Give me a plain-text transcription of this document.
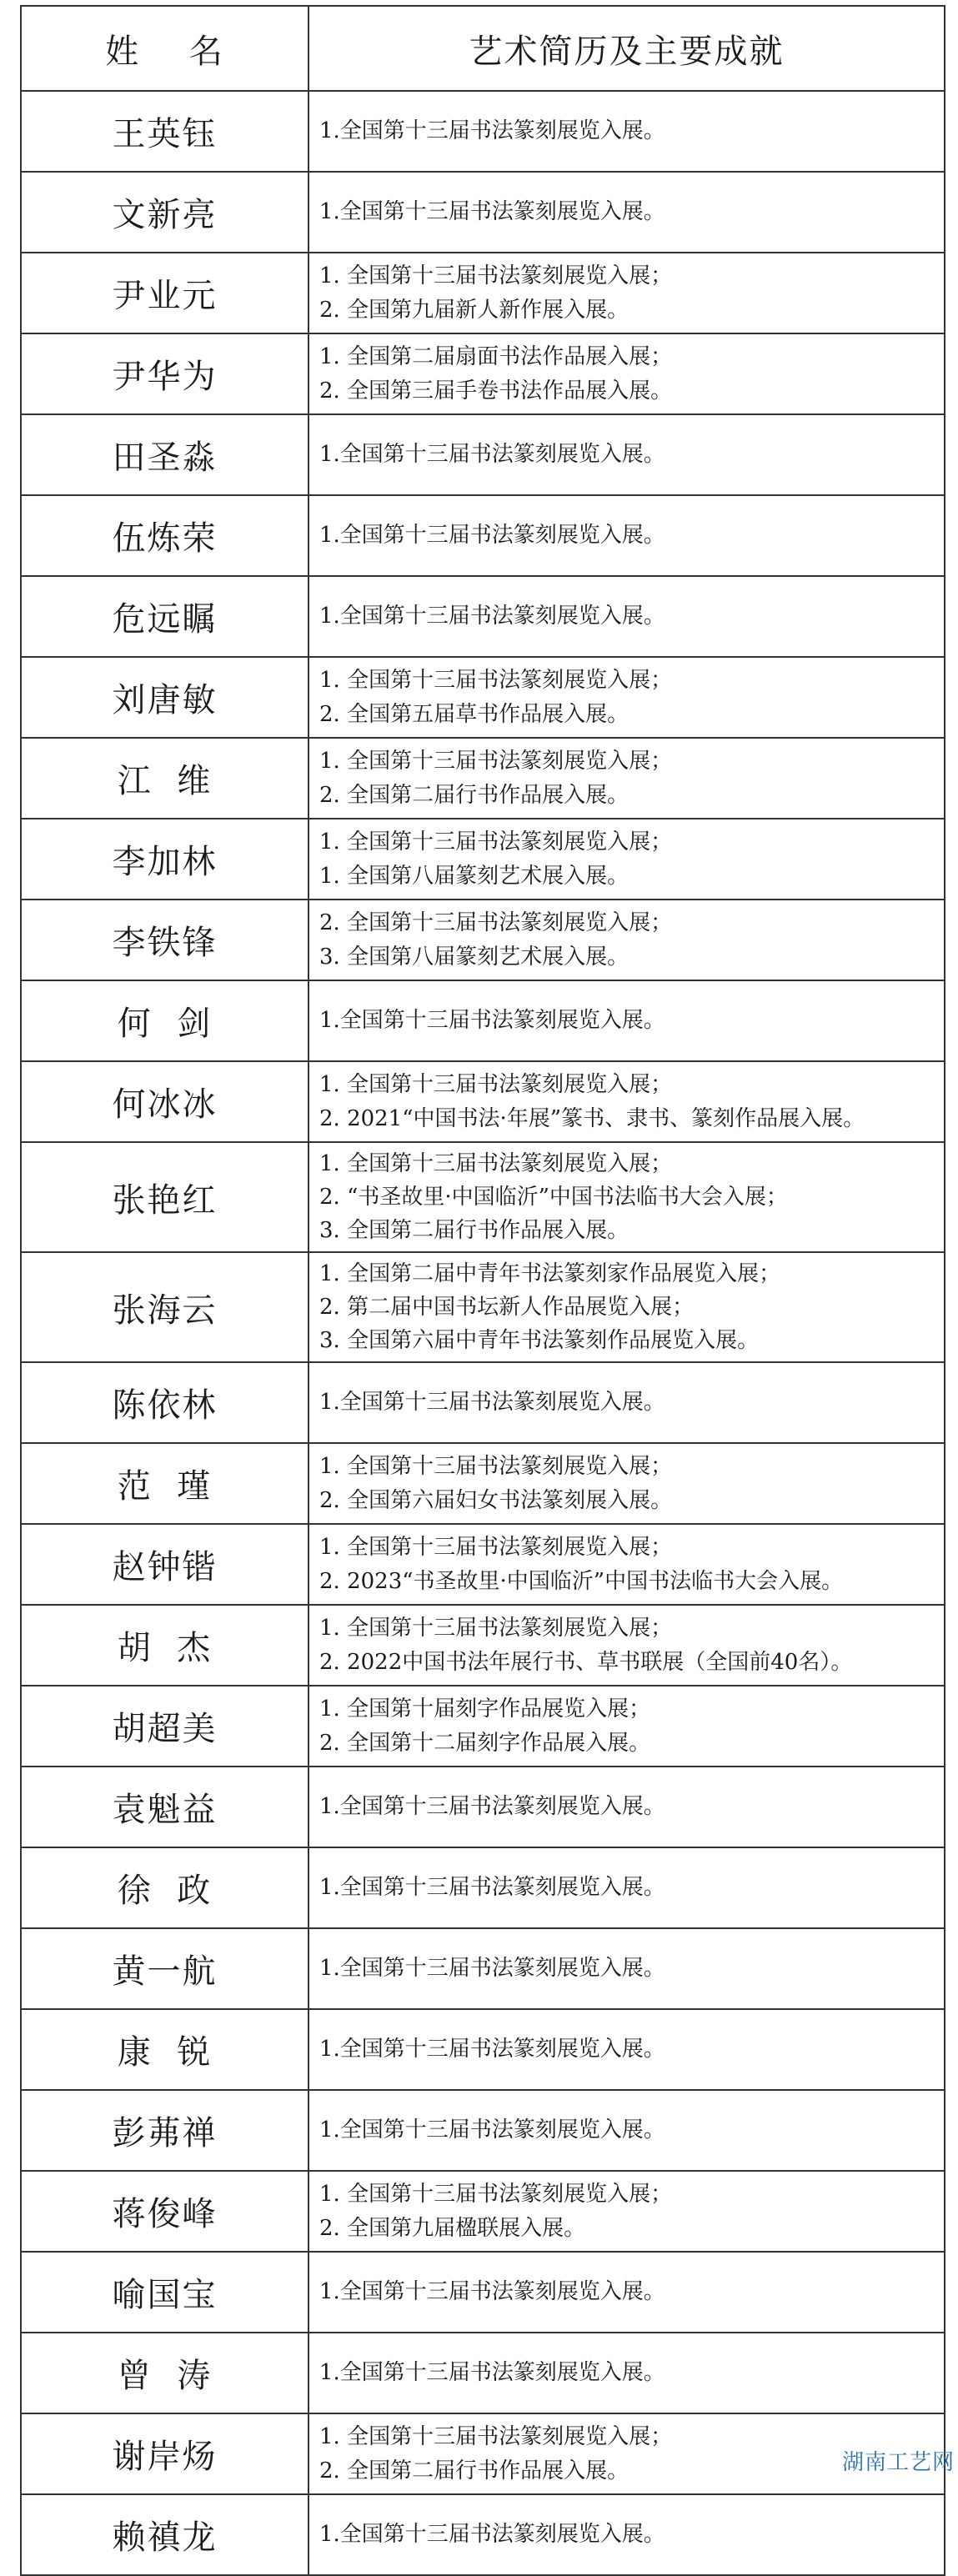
姓    名	艺术简历及主要成就
王英钰	1.全国第十三届书法篆刻展览入展。

文新亮	1.全国第十三届书法篆刻展览入展。

尹业元	1. 全国第十三届书法篆刻展览入展；
2. 全国第九届新人新作展入展。

尹华为	1. 全国第二届扇面书法作品展入展；
2. 全国第三届手卷书法作品展入展。

田圣淼	1.全国第十三届书法篆刻展览入展。

伍炼荣	1.全国第十三届书法篆刻展览入展。

危远瞩	1.全国第十三届书法篆刻展览入展。

刘唐敏	1. 全国第十三届书法篆刻展览入展；
2. 全国第五届草书作品展入展。

江  维	1. 全国第十三届书法篆刻展览入展；
2. 全国第二届行书作品展入展。

李加林	1. 全国第十三届书法篆刻展览入展；
1. 全国第八届篆刻艺术展入展。

李铁锋	2. 全国第十三届书法篆刻展览入展；
3. 全国第八届篆刻艺术展入展。

何  剑	1.全国第十三届书法篆刻展览入展。

何冰冰	1. 全国第十三届书法篆刻展览入展；
2. 2021“中国书法·年展”篆书、隶书、篆刻作品展入展。

张艳红	1. 全国第十三届书法篆刻展览入展；
2. “书圣故里·中国临沂”中国书法临书大会入展；
3. 全国第二届行书作品展入展。

张海云	1. 全国第二届中青年书法篆刻家作品展览入展；
2. 第二届中国书坛新人作品展览入展；
3. 全国第六届中青年书法篆刻作品展览入展。

陈依林	1.全国第十三届书法篆刻展览入展。

范  瑾	1. 全国第十三届书法篆刻展览入展；
2. 全国第六届妇女书法篆刻展入展。

赵钟锴	1. 全国第十三届书法篆刻展览入展；
2. 2023“书圣故里·中国临沂”中国书法临书大会入展。

胡  杰	1. 全国第十三届书法篆刻展览入展；
2. 2022中国书法年展行书、草书联展（全国前40名）。

胡超美	1. 全国第十届刻字作品展览入展；
2. 全国第十二届刻字作品展入展。

袁魁益	1.全国第十三届书法篆刻展览入展。

徐  政	1.全国第十三届书法篆刻展览入展。

黄一航	1.全国第十三届书法篆刻展览入展。

康  锐	1.全国第十三届书法篆刻展览入展。

彭茀禅	1.全国第十三届书法篆刻展览入展。

蒋俊峰	1. 全国第十三届书法篆刻展览入展；
2. 全国第九届楹联展入展。

喻国宝	1.全国第十三届书法篆刻展览入展。

曾  涛	1.全国第十三届书法篆刻展览入展。

谢岸炀	1. 全国第十三届书法篆刻展览入展；
2. 全国第二届行书作品展入展。

赖禛龙	1.全国第十三届书法篆刻展览入展。
湖南工艺网
